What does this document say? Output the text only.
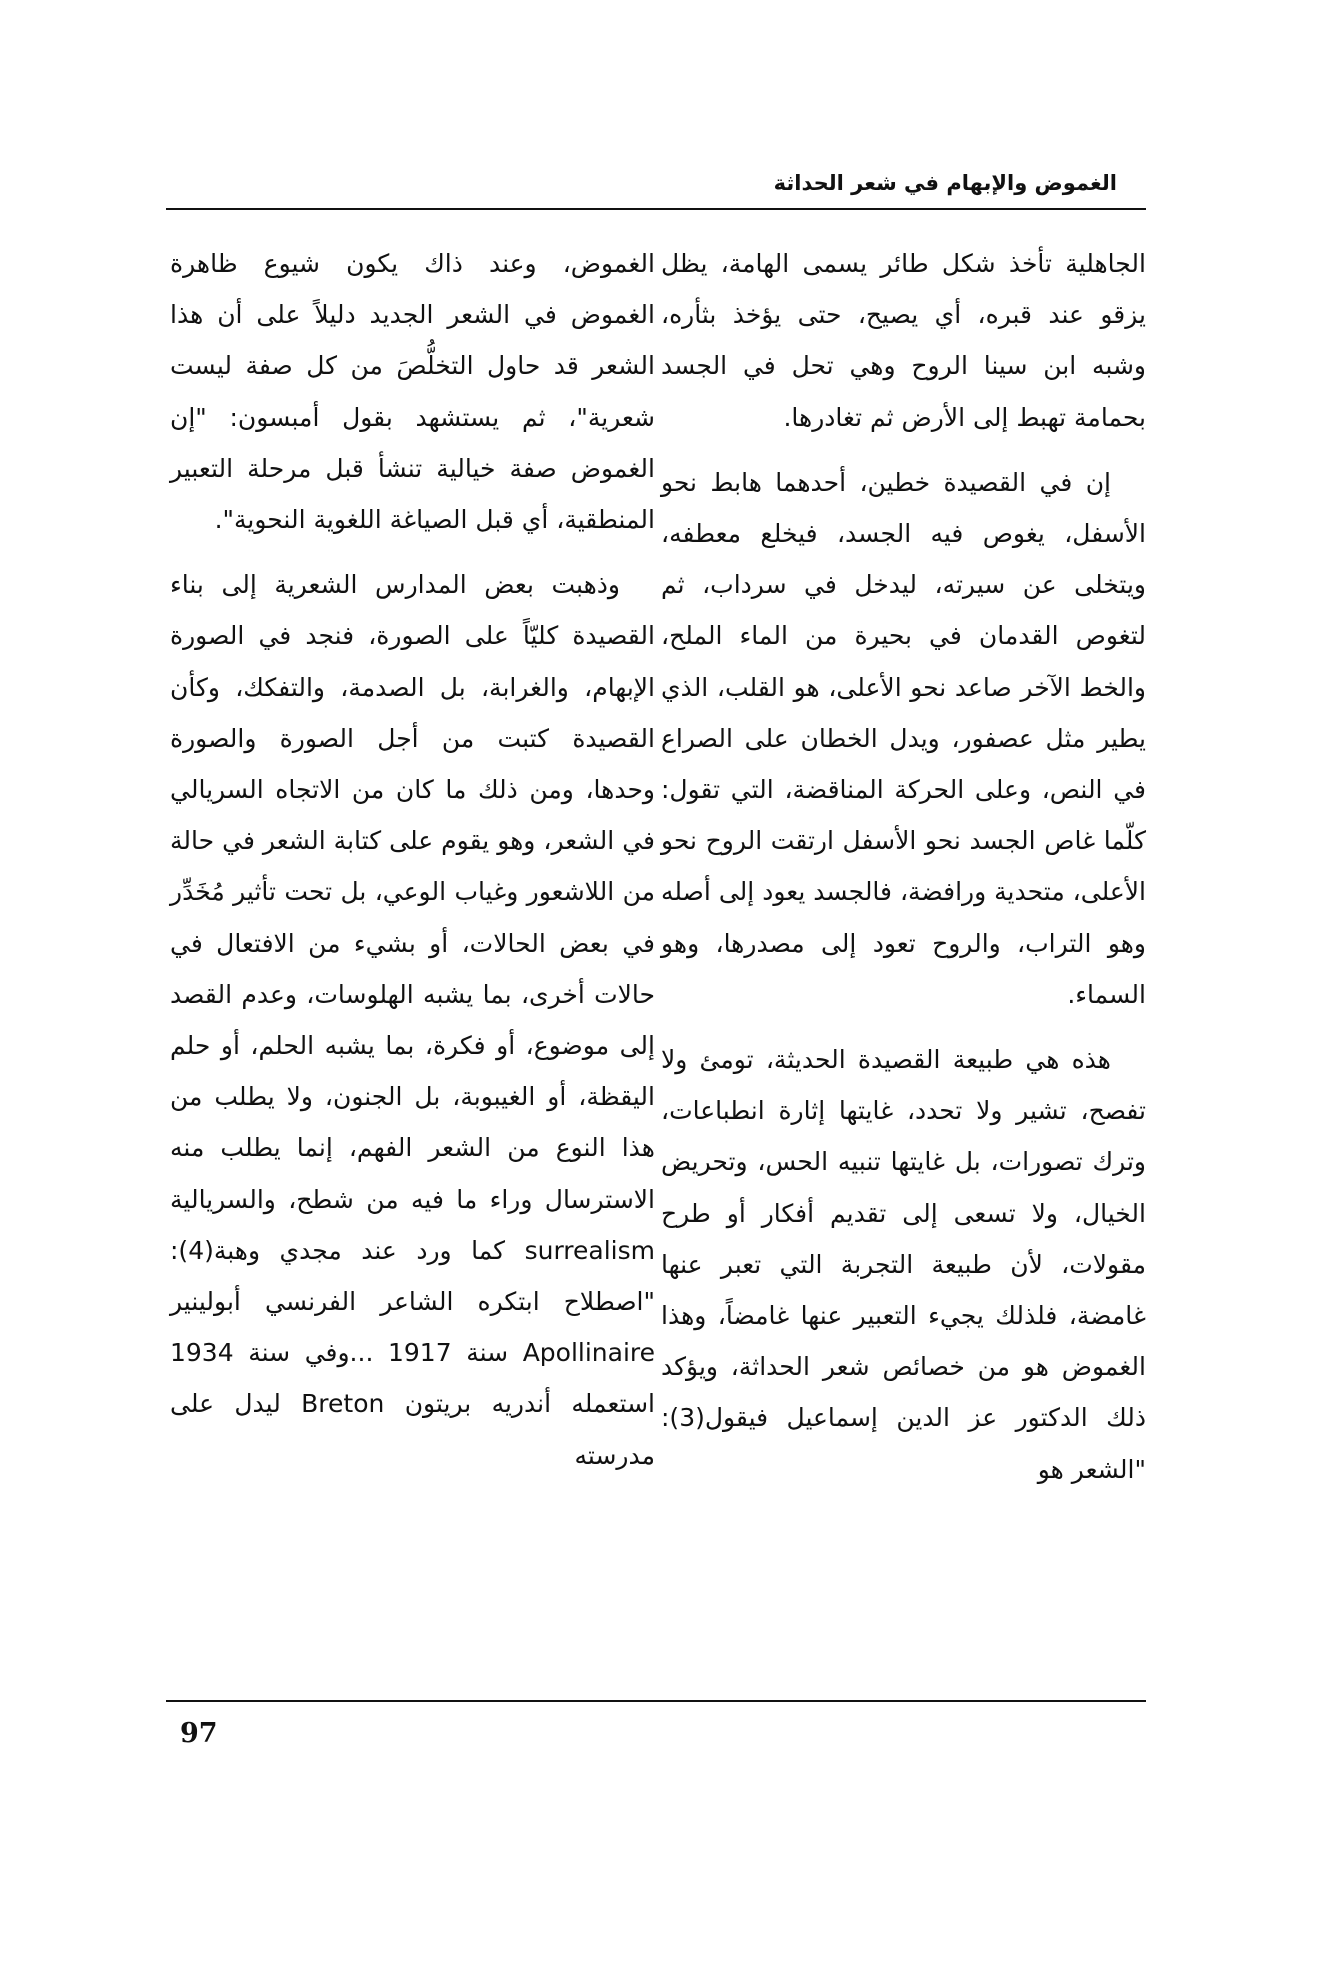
الغموض والإبهام في شعر الحداثة

الجاهلية تأخذ شكل طائر يسمى الهامة، يظل يزقو عند قبره، أي يصيح، حتى يؤخذ بثأره، وشبه ابن سينا الروح وهي تحل في الجسد بحمامة تهبط إلى الأرض ثم تغادرها.

إن في القصيدة خطين، أحدهما هابط نحو الأسفل، يغوص فيه الجسد، فيخلع معطفه، ويتخلى عن سيرته، ليدخل في سرداب، ثم لتغوص القدمان في بحيرة من الماء الملح، والخط الآخر صاعد نحو الأعلى، هو القلب، الذي يطير مثل عصفور، ويدل الخطان على الصراع في النص، وعلى الحركة المناقضة، التي تقول: كلّما غاص الجسد نحو الأسفل ارتقت الروح نحو الأعلى، متحدية ورافضة، فالجسد يعود إلى أصله وهو التراب، والروح تعود إلى مصدرها، وهو السماء.

هذه هي طبيعة القصيدة الحديثة، تومئ ولا تفصح، تشير ولا تحدد، غايتها إثارة انطباعات، وترك تصورات، بل غايتها تنبيه الحس، وتحريض الخيال، ولا تسعى إلى تقديم أفكار أو طرح مقولات، لأن طبيعة التجربة التي تعبر عنها غامضة، فلذلك يجيء التعبير عنها غامضاً، وهذا الغموض هو من خصائص شعر الحداثة، ويؤكد ذلك الدكتور عز الدين إسماعيل فيقول(3): "الشعر هو

الغموض، وعند ذاك يكون شيوع ظاهرة الغموض في الشعر الجديد دليلاً على أن هذا الشعر قد حاول التخلُّصَ من كل صفة ليست شعرية"، ثم يستشهد بقول أمبسون: "إن الغموض صفة خيالية تنشأ قبل مرحلة التعبير المنطقية، أي قبل الصياغة اللغوية النحوية".

وذهبت بعض المدارس الشعرية إلى بناء القصيدة كليّاً على الصورة، فنجد في الصورة الإبهام، والغرابة، بل الصدمة، والتفكك، وكأن القصيدة كتبت من أجل الصورة والصورة وحدها، ومن ذلك ما كان من الاتجاه السريالي في الشعر، وهو يقوم على كتابة الشعر في حالة من اللاشعور وغياب الوعي، بل تحت تأثير مُخَدِّر في بعض الحالات، أو بشيء من الافتعال في حالات أخرى، بما يشبه الهلوسات، وعدم القصد إلى موضوع، أو فكرة، بما يشبه الحلم، أو حلم اليقظة، أو الغيبوبة، بل الجنون، ولا يطلب من هذا النوع من الشعر الفهم، إنما يطلب منه الاسترسال وراء ما فيه من شطح، والسريالية surrealism كما ورد عند مجدي وهبة(4): "اصطلاح ابتكره الشاعر الفرنسي أبولينير Apollinaire سنة 1917 ...وفي سنة 1934 استعمله أندريه بريتون Breton ليدل على مدرسته

97
